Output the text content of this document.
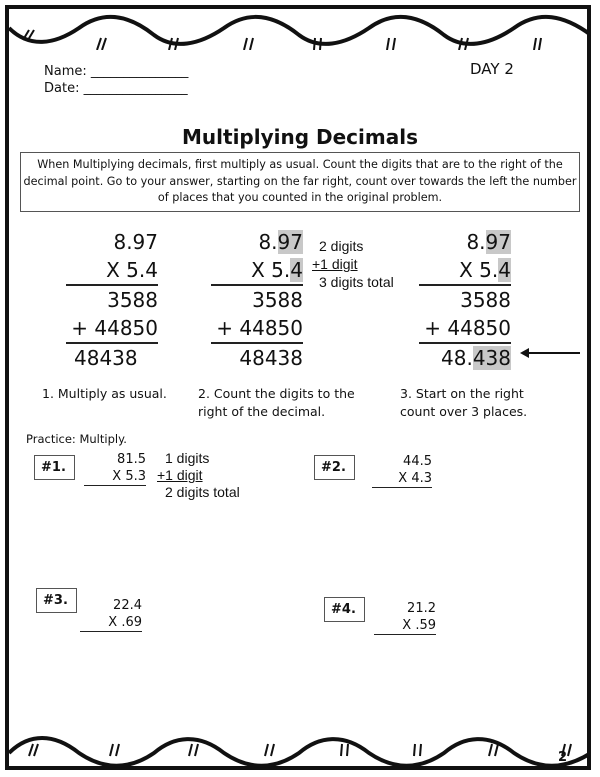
Name: _______________
Date: ________________
DAY 2
Multiplying Decimals
When Multiplying decimals, first multiply as usual. Count the digits that are to the right of the decimal point. Go to your answer, starting on the far right, count over towards the left the number of places that you counted in the original problem.
8.97
X 5.4
3588
+ 44850
48438
8.97
X 5.4
3588
+ 44850
48438
2 digits
+1 digit
3 digits total
8.97
X 5.4
3588
+ 44850
48.438
1. Multiply as usual.	2. Count the digits to the right of the decimal.
3. Start on the right count over 3 places.
Practice: Multiply.
#1.
81.5
X 5.3
1 digits
+1 digit
2 digits total
#2.	44.5
X 4.3
#3.	22.4
X .69
#4.	21.2
X .59
2
